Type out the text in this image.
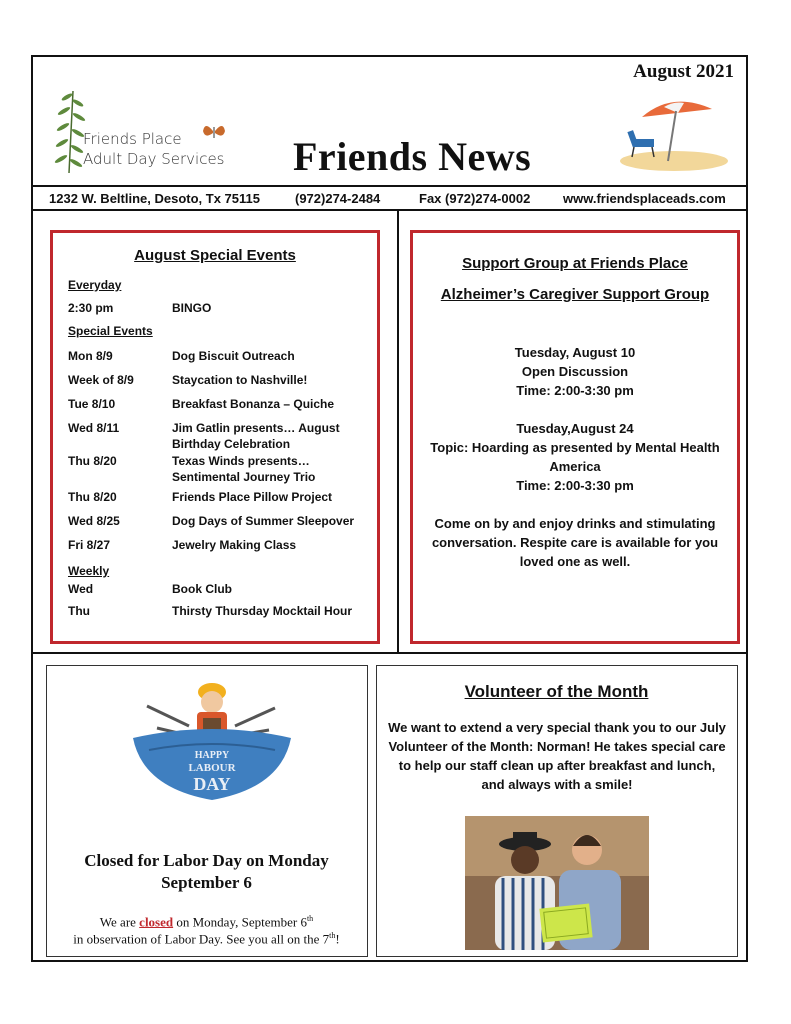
August 2021
Friends Place
Adult Day Services Friends News
1232 W. Beltline, Desoto, Tx 75115	(972)274-2484	Fax (972)274-0002	www.friendsplaceads.com
August Special Events
Everyday
2:30 pm	BINGO
Special Events
Mon 8/9	Dog Biscuit Outreach
Week of 8/9	Staycation to Nashville!
Tue 8/10	Breakfast Bonanza – Quiche
Wed 8/11	Jim Gatlin presents… August Birthday Celebration
Thu 8/20	Texas Winds presents… Sentimental Journey Trio
Thu 8/20	Friends Place Pillow Project
Wed 8/25	Dog Days of Summer Sleepover
Fri 8/27	Jewelry Making Class
Weekly
Wed	Book Club
Thu	Thirsty Thursday Mocktail Hour
Support Group at Friends Place
Alzheimer’s Caregiver Support Group
Tuesday, August 10
Open Discussion
Time: 2:00-3:30 pm
Tuesday,August 24
Topic: Hoarding as presented by Mental Health America
Time: 2:00-3:30 pm
Come on by and enjoy drinks and stimulating conversation. Respite care is available for you loved one as well.
HAPPY
LABOUR
DAY
Closed for Labor Day on Monday
September 6
We are closed on Monday, September 6th
in observation of Labor Day. See you all on the 7th!
Volunteer of the Month
We want to extend a very special thank you to our July Volunteer of the Month: Norman! He takes special care to help our staff clean up after breakfast and lunch, and always with a smile!
